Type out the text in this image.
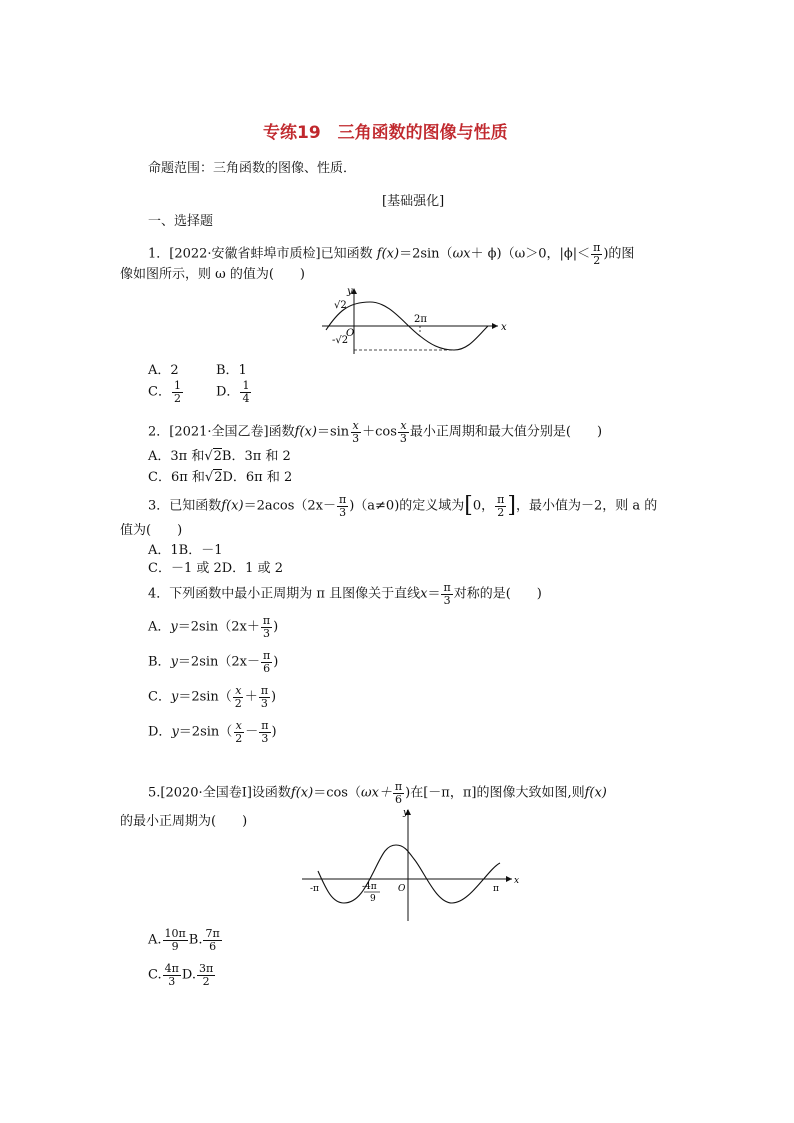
专练19　三角函数的图像与性质
命题范围：三角函数的图像、性质．
[基础强化]
一、选择题
1．[2022·安徽省蚌埠市质检]已知函数 f(x)＝2sin（ωx＋ ϕ)（ω＞0，$|\phi|< \frac{\pi}{2}$ )的图
像如图所示，则 ω 的值为(　　)
y
x
√2
-√2
O
2π
A．2	B．1
C． $\frac{1}{2}$	D． $\frac{1}{4}$
2．[2021·全国乙卷]函数$f(x)=\sin \frac{x}{3} +\cos \frac{x}{3}$ 最小正周期和最大值分别是(　　)
A．3π 和√2B．3π 和 2
C．6π 和√2D．6π 和 2
3．已知函数$f(x)=2acos(2x- \frac{\pi}{3} )(a\ne 0)$的定义域为[0， $\frac{\pi}{2}$ ]，最小值为－2，则 a 的
值为(　　)
A．1B．－1
C．－1 或 2D．1 或 2
4．下列函数中最小正周期为 π 且图像关于直线$x= \frac{\pi}{3}$ 对称的是(　　)
A．$y=2\sin(2x+ \frac{\pi}{3}$ )
B．$y=2\sin(2x- \frac{\pi}{6}$ )
C．$y=2\sin( \frac{x}{2} + \frac{\pi}{3}$ )
D．$y=2\sin( \frac{x}{2} - \frac{\pi}{3}$ )
5.[2020·全国卷Ⅰ]设函数$f(x)=\cos(\omega x+ \frac{\pi}{6}$ )在[－π，π]的图像大致如图,则f(x)
的最小正周期为(　　)
y
x
O
-π	π
-4π
9
A. $\frac{10\pi}{9} B$. $\frac{7\pi}{6}$
C. $\frac{4\pi}{3} D$. $\frac{3\pi}{2}$
